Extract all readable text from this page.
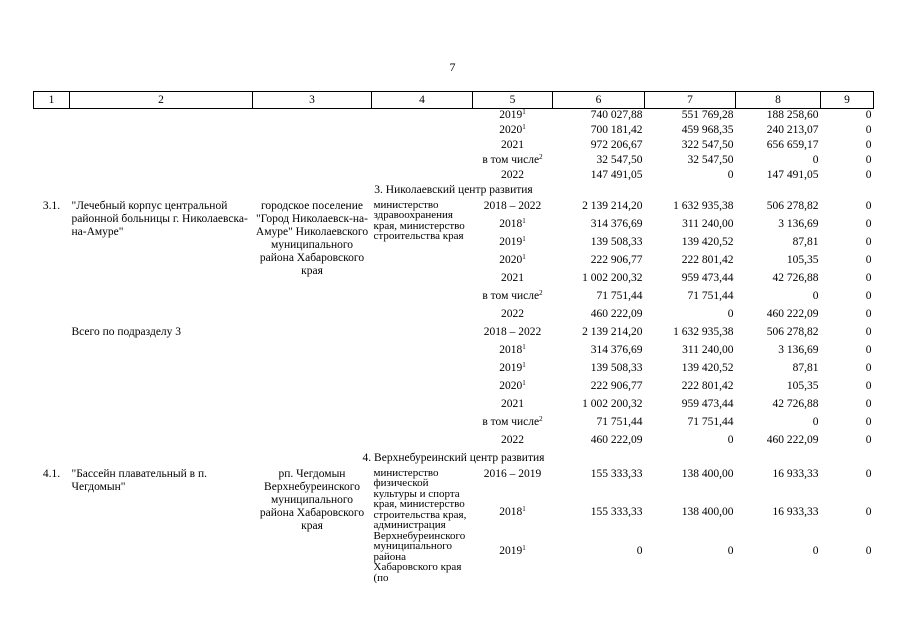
7
1	2	3	4	5	6	7	8	9
				2019$^1$	740 027,88	551 769,28	188 258,60	0
				2020$^1$	700 181,42	459 968,35	240 213,07	0
				2021	972 206,67	322 547,50	656 659,17	0
				в том числе$^2$	32 547,50	32 547,50	0	0
				2022	147 491,05	0	147 491,05	0
3. Николаевский центр развития								
3.1.	"Лечебный корпус центральной районной больницы г. Николаевска-на-Амуре"	городское поселение "Город Николаевск-на-Амуре" Николаевского муниципального района Хабаровского края	министерство здравоохранения края, министерство строительства края	2018 – 2022	2 139 214,20	1 632 935,38	506 278,82	0
				2018$^1$	314 376,69	311 240,00	3 136,69	0
				2019$^1$	139 508,33	139 420,52	87,81	0
				2020$^1$	222 906,77	222 801,42	105,35	0
				2021	1 002 200,32	959 473,44	42 726,88	0
				в том числе$^2$	71 751,44	71 751,44	0	0
				2022	460 222,09	0	460 222,09	0
	Всего по подразделу 3			2018 – 2022	2 139 214,20	1 632 935,38	506 278,82	0
				2018$^1$	314 376,69	311 240,00	3 136,69	0
				2019$^1$	139 508,33	139 420,52	87,81	0
				2020$^1$	222 906,77	222 801,42	105,35	0
				2021	1 002 200,32	959 473,44	42 726,88	0
				в том числе$^2$	71 751,44	71 751,44	0	0
				2022	460 222,09	0	460 222,09	0
4. Верхнебуреинский центр развития								
4.1.	"Бассейн плавательный в п. Чегдомын"	рп. Чегдомын Верхнебуреинского муниципального района Хабаровского края	министерство физической культуры и спорта края, министерство строительства края, администрация Верхнебуреинского муниципального района Хабаровского края (по	2016 – 2019	155 333,33	138 400,00	16 933,33	0
				2018$^1$	155 333,33	138 400,00	16 933,33	0
				2019$^1$	0	0	0	0
